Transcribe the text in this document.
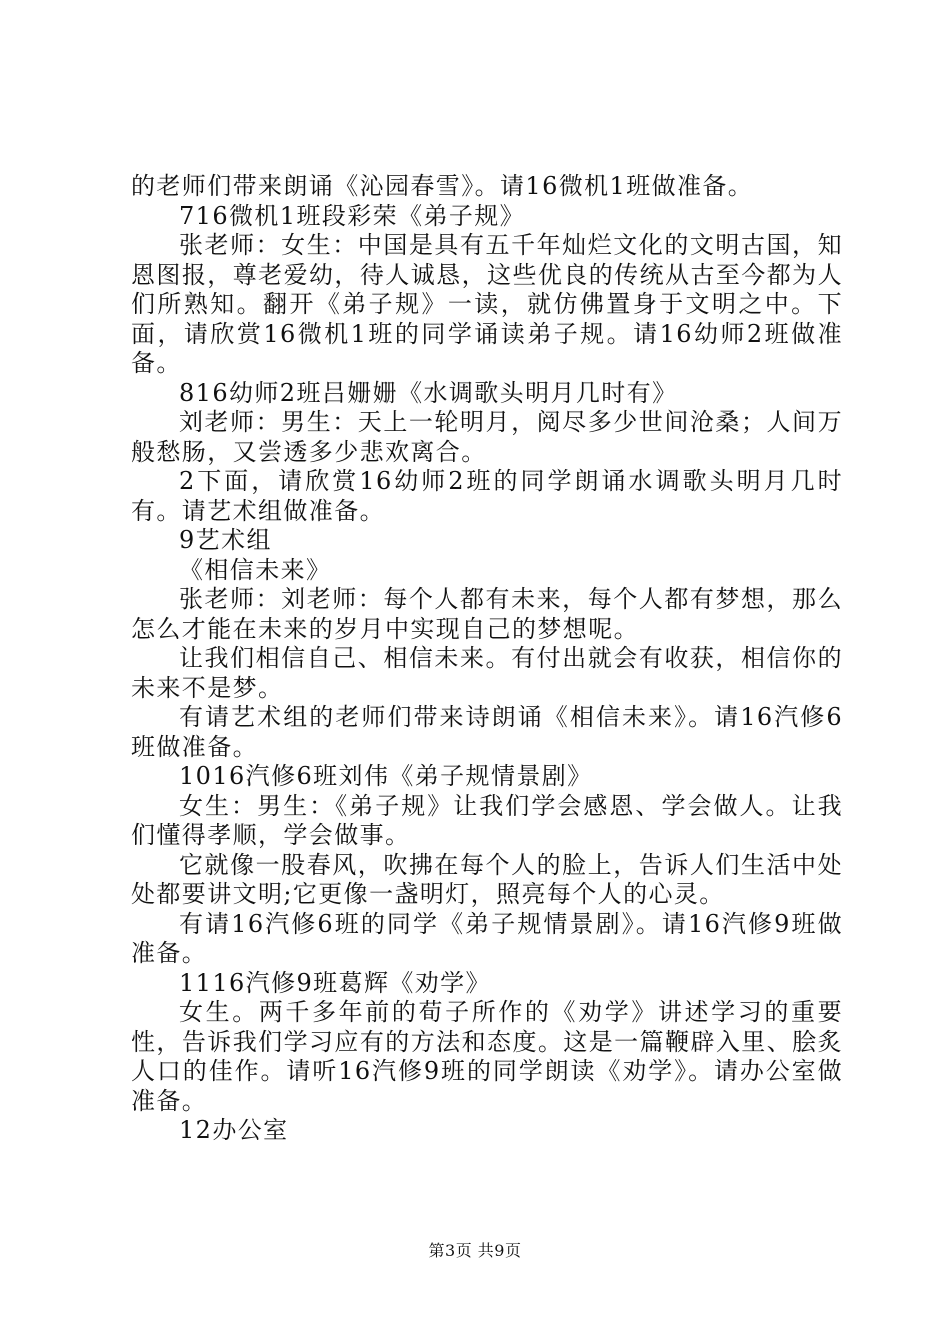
的老师们带来朗诵《沁园春雪》。请16微机1班做准备。

716微机1班段彩荣《弟子规》

张老师：女生：中国是具有五千年灿烂文化的文明古国，知恩图报，尊老爱幼，待人诚恳，这些优良的传统从古至今都为人们所熟知。翻开《弟子规》一读，就仿佛置身于文明之中。下面，请欣赏16微机1班的同学诵读弟子规。请16幼师2班做准备。

816幼师2班吕姗姗《水调歌头明月几时有》

刘老师：男生：天上一轮明月，阅尽多少世间沧桑；人间万般愁肠，又尝透多少悲欢离合。

2下面，请欣赏16幼师2班的同学朗诵水调歌头明月几时有。请艺术组做准备。

9艺术组

《相信未来》

张老师：刘老师：每个人都有未来，每个人都有梦想，那么怎么才能在未来的岁月中实现自己的梦想呢。

让我们相信自己、相信未来。有付出就会有收获，相信你的未来不是梦。

有请艺术组的老师们带来诗朗诵《相信未来》。请16汽修6班做准备。

1016汽修6班刘伟《弟子规情景剧》

女生：男生：《弟子规》让我们学会感恩、学会做人。让我们懂得孝顺，学会做事。

它就像一股春风，吹拂在每个人的脸上，告诉人们生活中处处都要讲文明;它更像一盏明灯，照亮每个人的心灵。

有请16汽修6班的同学《弟子规情景剧》。请16汽修9班做准备。

1116汽修9班葛辉《劝学》

女生。两千多年前的荀子所作的《劝学》讲述学习的重要性，告诉我们学习应有的方法和态度。这是一篇鞭辟入里、脍炙人口的佳作。请听16汽修9班的同学朗读《劝学》。请办公室做准备。

12办公室

第3页 共9页
